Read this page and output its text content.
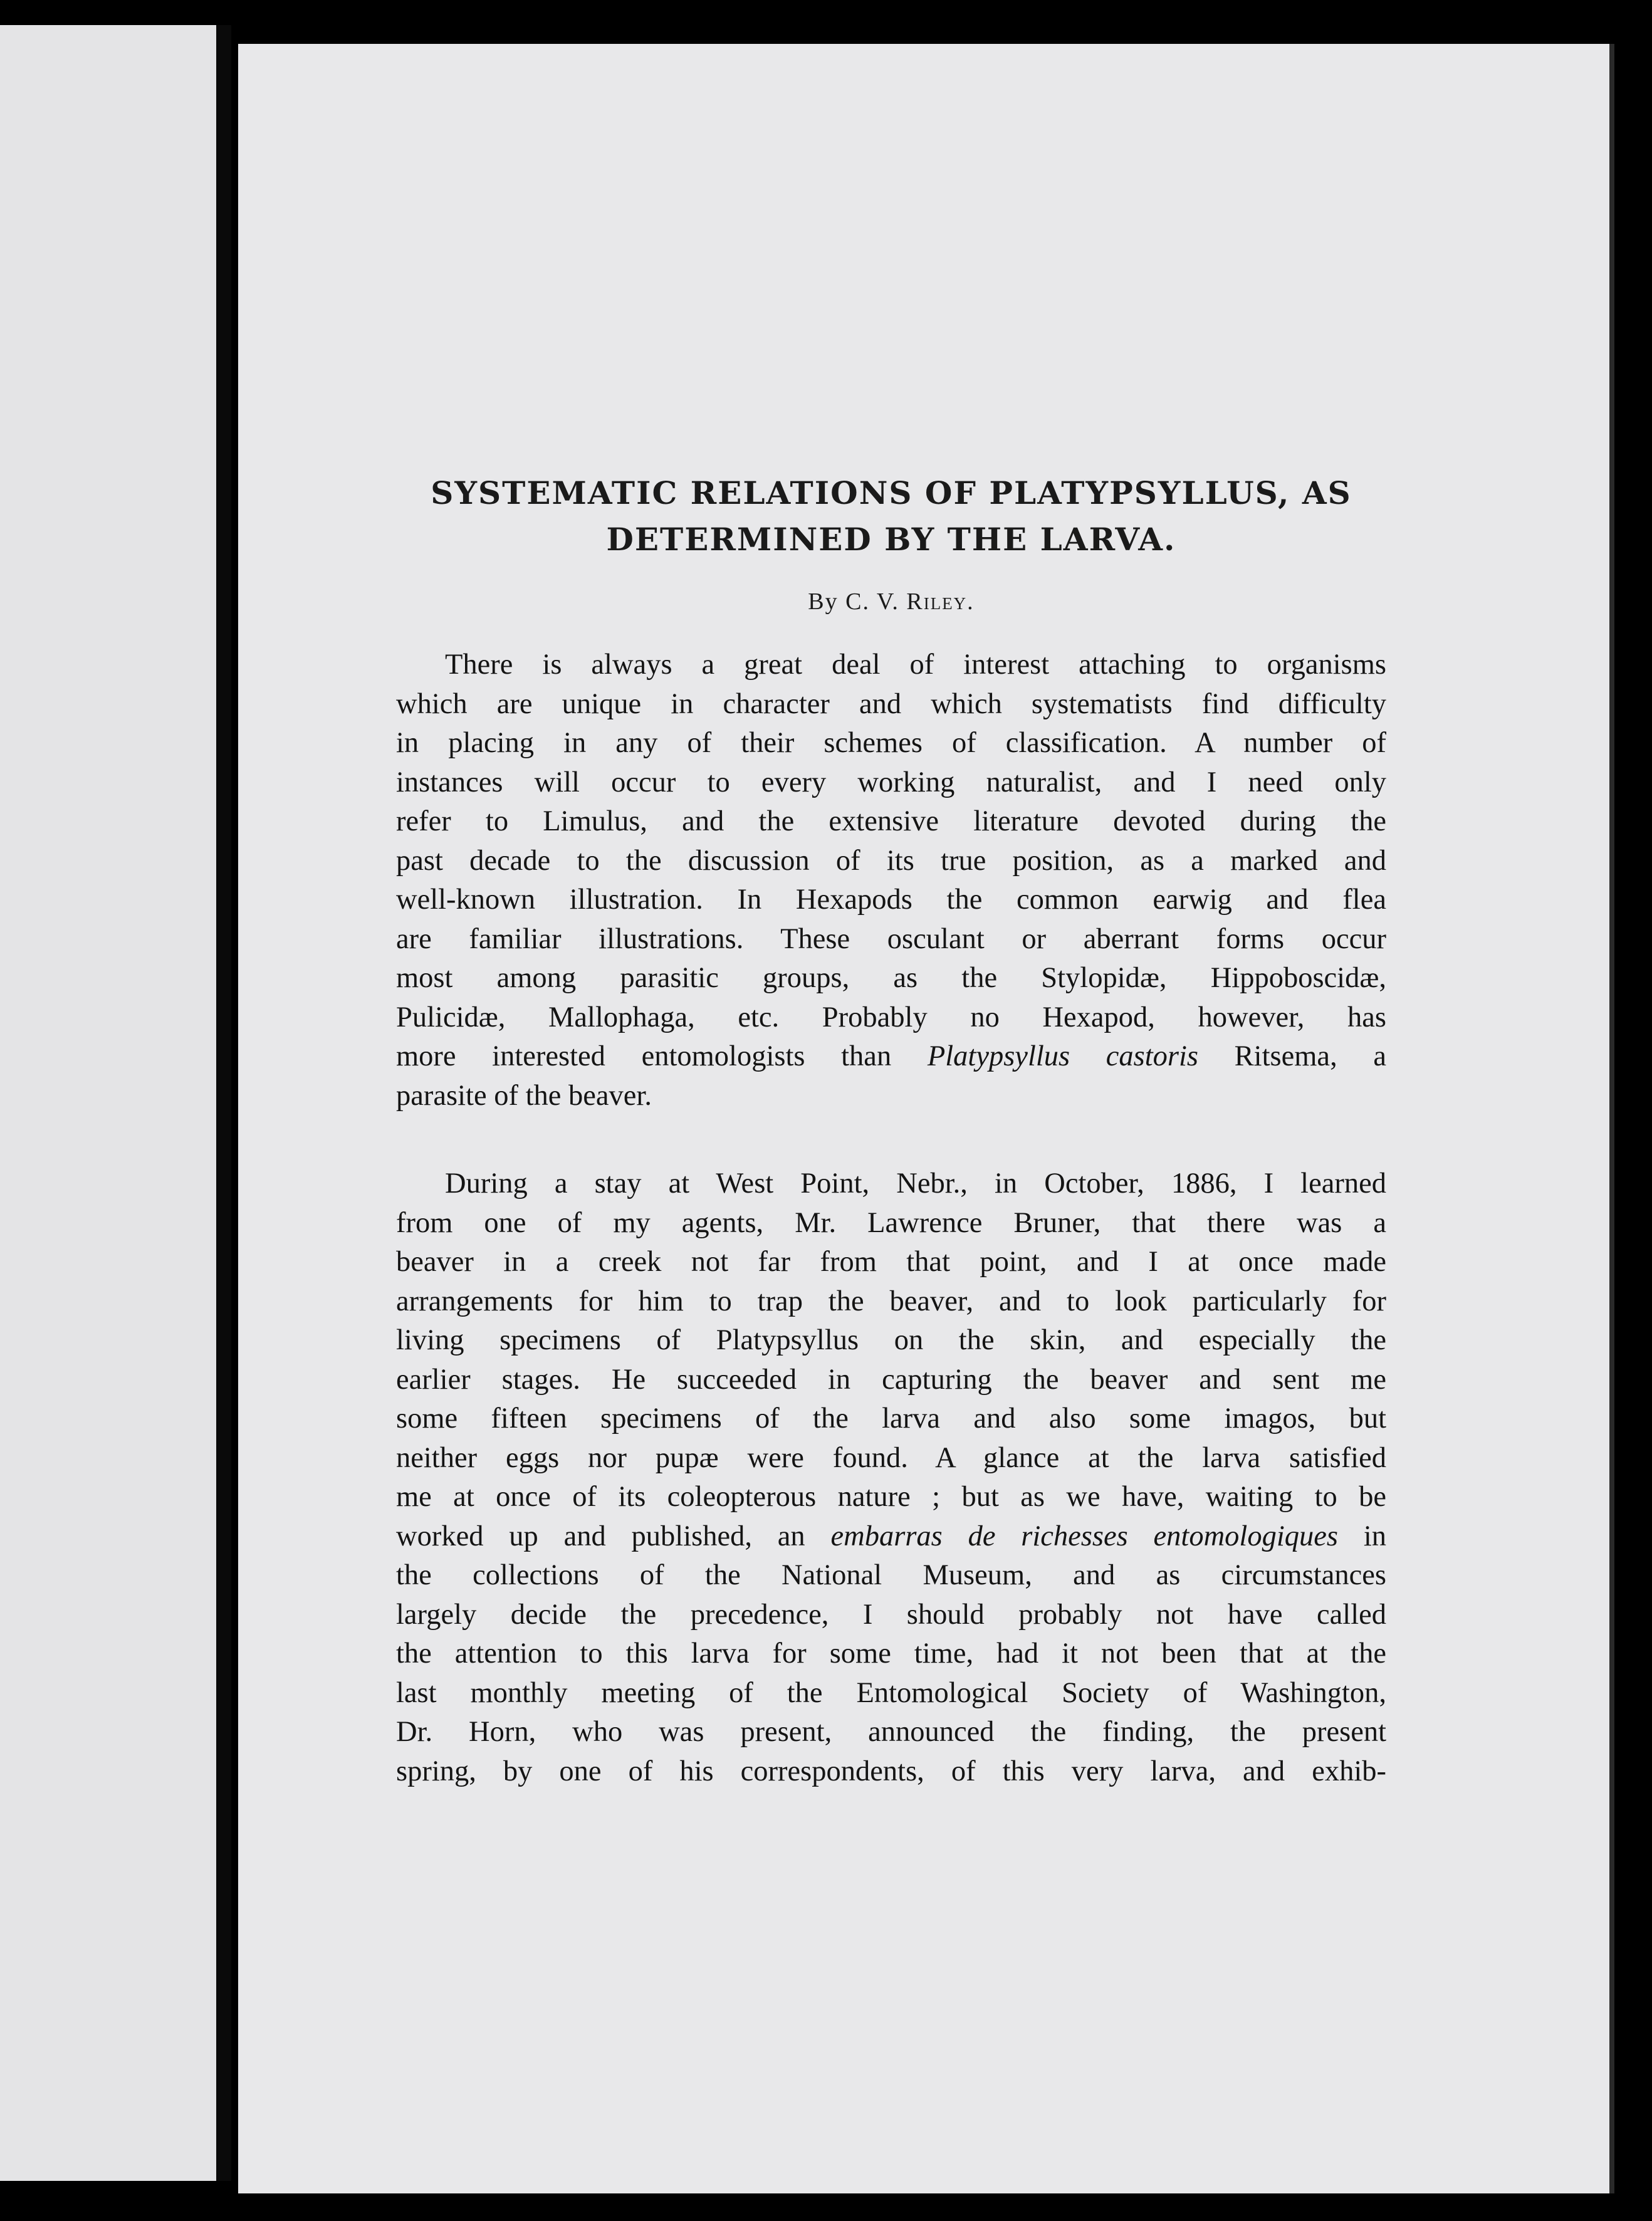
SYSTEMATIC RELATIONS OF PLATYPSYLLUS, AS
DETERMINED BY THE LARVA.
By C. V. Riley.

There is always a great deal of interest attaching to organisms
which are unique in character and which systematists find difficulty
in placing in any of their schemes of classification. A number of
instances will occur to every working naturalist, and I need only
refer to Limulus, and the extensive literature devoted during the
past decade to the discussion of its true position, as a marked and
well-known illustration. In Hexapods the common earwig and flea
are familiar illustrations. These osculant or aberrant forms occur
most among parasitic groups, as the Stylopidæ, Hippoboscidæ,
Pulicidæ, Mallophaga, etc. Probably no Hexapod, however, has
more interested entomologists than Platypsyllus castoris Ritsema, a
parasite of the beaver.

During a stay at West Point, Nebr., in October, 1886, I learned
from one of my agents, Mr. Lawrence Bruner, that there was a
beaver in a creek not far from that point, and I at once made
arrangements for him to trap the beaver, and to look particularly for
living specimens of Platypsyllus on the skin, and especially the
earlier stages. He succeeded in capturing the beaver and sent me
some fifteen specimens of the larva and also some imagos, but
neither eggs nor pupæ were found. A glance at the larva satisfied
me at once of its coleopterous nature ; but as we have, waiting to be
worked up and published, an embarras de richesses entomologiques in
the collections of the National Museum, and as circumstances
largely decide the precedence, I should probably not have called
the attention to this larva for some time, had it not been that at the
last monthly meeting of the Entomological Society of Washington,
Dr. Horn, who was present, announced the finding, the present
spring, by one of his correspondents, of this very larva, and exhib-
